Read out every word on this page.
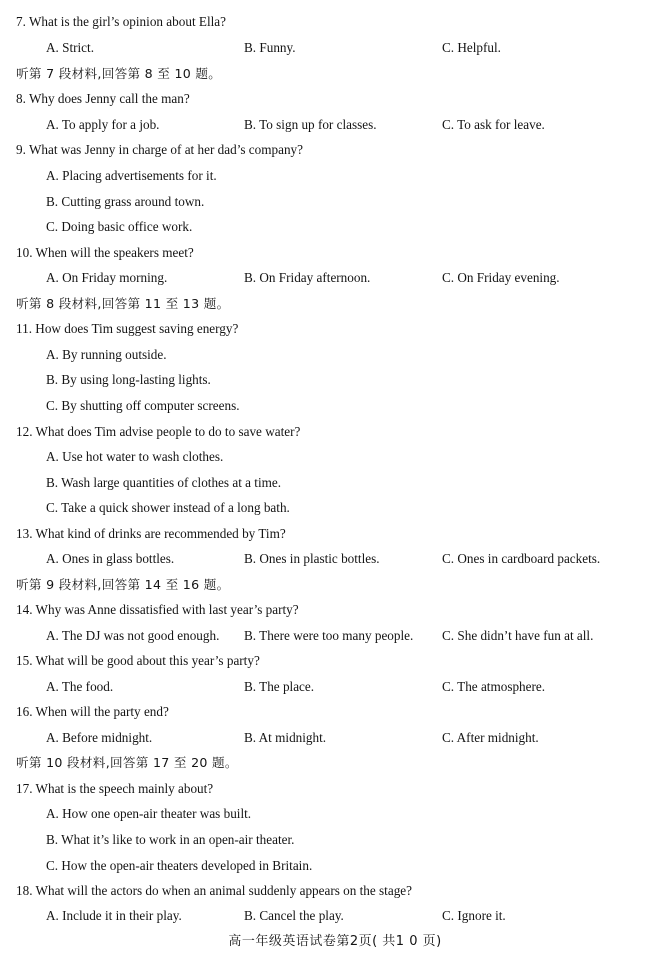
7. What is the girl’s opinion about Ella?
A. Strict.	B. Funny.	C. Helpful.
听第 7 段材料,回答第 8 至 10 题。
8. Why does Jenny call the man?
A. To apply for a job.	B. To sign up for classes.	C. To ask for leave.
9. What was Jenny in charge of at her dad’s company?
A. Placing advertisements for it.
B. Cutting grass around town.
C. Doing basic office work.
10. When will the speakers meet?
A. On Friday morning.	B. On Friday afternoon.	C. On Friday evening.
听第 8 段材料,回答第 11 至 13 题。
11. How does Tim suggest saving energy?
A. By running outside.
B. By using long-lasting lights.
C. By shutting off computer screens.
12. What does Tim advise people to do to save water?
A. Use hot water to wash clothes.
B. Wash large quantities of clothes at a time.
C. Take a quick shower instead of a long bath.
13. What kind of drinks are recommended by Tim?
A. Ones in glass bottles.	B. Ones in plastic bottles.	C. Ones in cardboard packets.
听第 9 段材料,回答第 14 至 16 题。
14. Why was Anne dissatisfied with last year’s party?
A. The DJ was not good enough. B. There were too many people. C. She didn’t have fun at all.
15. What will be good about this year’s party?
A. The food.	B. The place.	C. The atmosphere.
16. When will the party end?
A. Before midnight.	B. At midnight.	C. After midnight.
听第 10 段材料,回答第 17 至 20 题。
17. What is the speech mainly about?
A. How one open-air theater was built.
B. What it’s like to work in an open-air theater.
C. How the open-air theaters developed in Britain.
18. What will the actors do when an animal suddenly appears on the stage?
A. Include it in their play.	B. Cancel the play.	C. Ignore it.
高一年级英语试卷第2页( 共1 0 页)
